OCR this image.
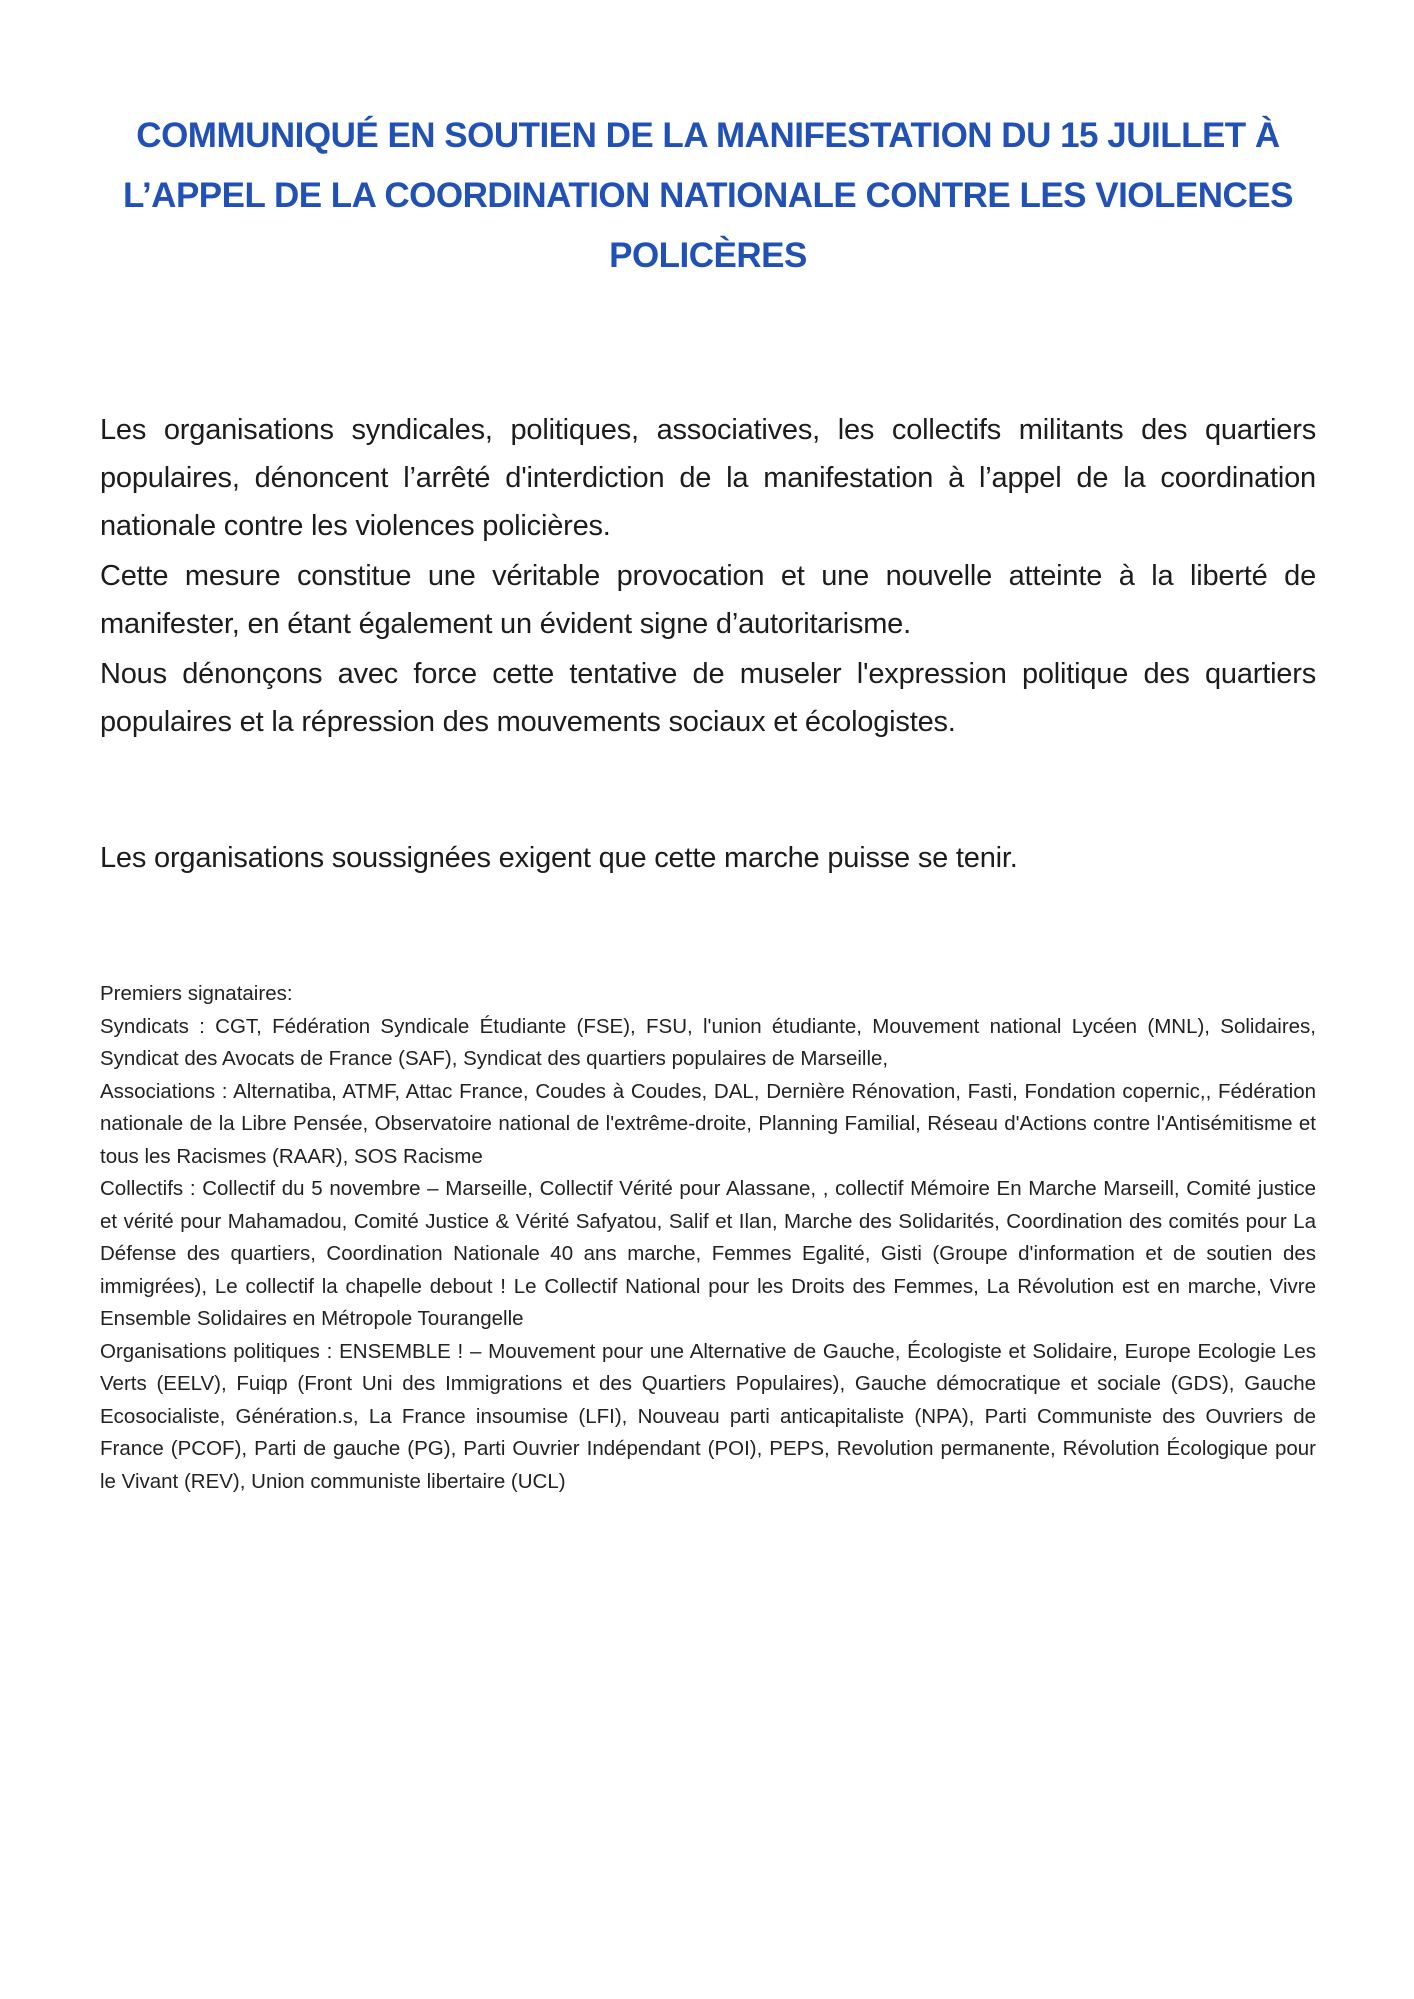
COMMUNIQUÉ EN SOUTIEN DE LA MANIFESTATION DU 15 JUILLET À L’APPEL DE LA COORDINATION NATIONALE CONTRE LES VIOLENCES POLICÈRES

Les organisations syndicales, politiques, associatives, les collectifs militants des quartiers populaires, dénoncent l’arrêté d'interdiction de la manifestation à l’appel de la coordination nationale contre les violences policières.

Cette mesure constitue une véritable provocation et une nouvelle atteinte à la liberté de manifester, en étant également un évident signe d’autoritarisme.

Nous dénonçons avec force cette tentative de museler l'expression politique des quartiers populaires et la répression des mouvements sociaux et écologistes.

Les organisations soussignées exigent que cette marche puisse se tenir.

Premiers signataires:

Syndicats : CGT, Fédération Syndicale Étudiante (FSE), FSU, l'union étudiante, Mouvement national Lycéen (MNL), Solidaires, Syndicat des Avocats de France (SAF), Syndicat des quartiers populaires de Marseille,

Associations : Alternatiba, ATMF, Attac France, Coudes à Coudes, DAL, Dernière Rénovation, Fasti, Fondation copernic,, Fédération nationale de la Libre Pensée, Observatoire national de l'extrême-droite, Planning Familial, Réseau d'Actions contre l'Antisémitisme et tous les Racismes (RAAR), SOS Racisme

Collectifs : Collectif du 5 novembre – Marseille, Collectif Vérité pour Alassane, , collectif Mémoire En Marche Marseill, Comité justice et vérité pour Mahamadou, Comité Justice & Vérité Safyatou, Salif et Ilan, Marche des Solidarités, Coordination des comités pour La Défense des quartiers, Coordination Nationale 40 ans marche, Femmes Egalité, Gisti (Groupe d'information et de soutien des immigrées), Le collectif la chapelle debout ! Le Collectif National pour les Droits des Femmes, La Révolution est en marche, Vivre Ensemble Solidaires en Métropole Tourangelle

Organisations politiques : ENSEMBLE ! – Mouvement pour une Alternative de Gauche, Écologiste et Solidaire, Europe Ecologie Les Verts (EELV), Fuiqp (Front Uni des Immigrations et des Quartiers Populaires), Gauche démocratique et sociale (GDS), Gauche Ecosocialiste, Génération.s, La France insoumise (LFI), Nouveau parti anticapitaliste (NPA), Parti Communiste des Ouvriers de France (PCOF), Parti de gauche (PG), Parti Ouvrier Indépendant (POI), PEPS, Revolution permanente, Révolution Écologique pour le Vivant (REV), Union communiste libertaire (UCL)
